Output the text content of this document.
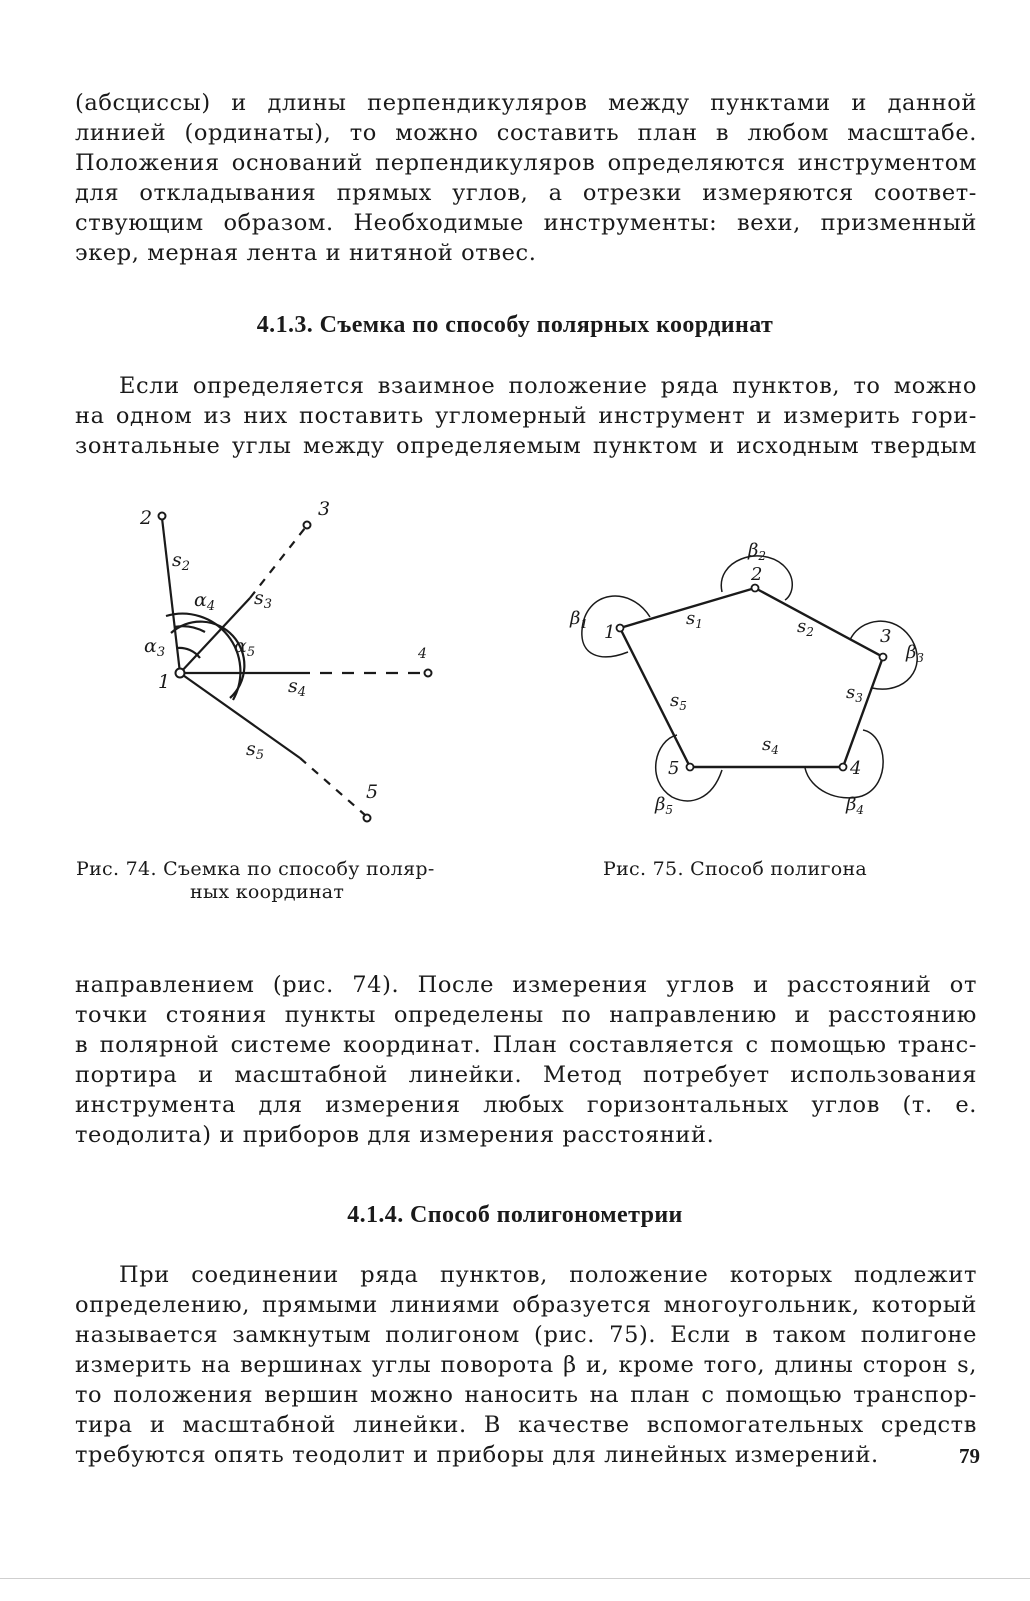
(абсциссы) и длины перпендикуляров между пунктами и данной
линией (ординаты), то можно составить план в любом масштабе.
Положения оснований перпендикуляров определяются инструментом
для откладывания прямых углов, а отрезки измеряются соответ-
ствующим образом. Необходимые инструменты: вехи, призменный
экер, мерная лента и нитяной отвес.

4.1.3. Съемка по способу полярных координат

Если определяется взаимное положение ряда пунктов, то можно
на одном из них поставить угломерный инструмент и измерить гори-
зонтальные углы между определяемым пунктом и исходным твердым

1
2	3
4
5
$s_2$
$s_3$
$s_4$
$s_5$
$\alpha_3$
$\alpha_4$
$\alpha_5$
1
2
3
4
5
$s_1$	$s_2$
$s_3$
$s_4$
$s_5$
$\beta_1$
$\beta_2$
$\beta_3$
$\beta_4$
$\beta_5$
Рис. 74. Съемка по способу поляр-
ных координат
Рис. 75. Способ полигона

направлением (рис. 74). После измерения углов и расстояний от
точки стояния пункты определены по направлению и расстоянию
в полярной системе координат. План составляется с помощью транс-
портира и масштабной линейки. Метод потребует использования
инструмента для измерения любых горизонтальных углов (т. е.
теодолита) и приборов для измерения расстояний.

4.1.4. Способ полигонометрии

При соединении ряда пунктов, положение которых подлежит
определению, прямыми линиями образуется многоугольник, который
называется замкнутым полигоном (рис. 75). Если в таком полигоне
измерить на вершинах углы поворота β и, кроме того, длины сторон s,
то положения вершин можно наносить на план с помощью транспор-
тира и масштабной линейки. В качестве вспомогательных средств
требуются опять теодолит и приборы для линейных измерений.	79
